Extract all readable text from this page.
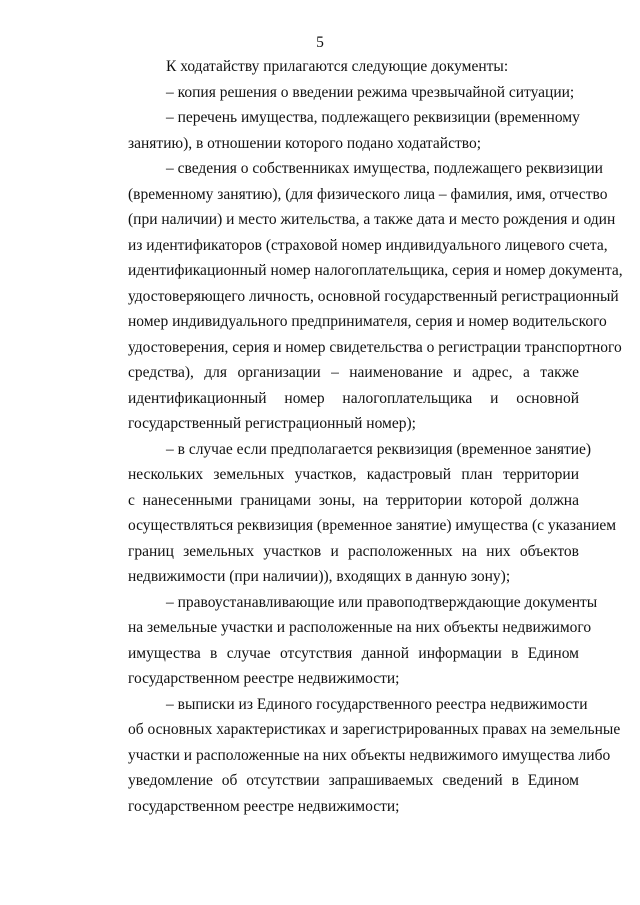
5
К ходатайству прилагаются следующие документы:
– копия решения о введении режима чрезвычайной ситуации;
– перечень имущества, подлежащего реквизиции (временному
занятию), в отношении которого подано ходатайство;
– сведения о собственниках имущества, подлежащего реквизиции
(временному занятию), (для физического лица – фамилия, имя, отчество
(при наличии) и место жительства, а также дата и место рождения и один
из идентификаторов (страховой номер индивидуального лицевого счета,
идентификационный номер налогоплательщика, серия и номер документа,
удостоверяющего личность, основной государственный регистрационный
номер индивидуального предпринимателя, серия и номер водительского
удостоверения, серия и номер свидетельства о регистрации транспортного
средства), для организации – наименование и адрес, а также
идентификационный номер налогоплательщика и основной
государственный регистрационный номер);
– в случае если предполагается реквизиция (временное занятие)
нескольких земельных участков, кадастровый план территории
с нанесенными границами зоны, на территории которой должна
осуществляться реквизиция (временное занятие) имущества (с указанием
границ земельных участков и расположенных на них объектов
недвижимости (при наличии)), входящих в данную зону);
– правоустанавливающие или правоподтверждающие документы
на земельные участки и расположенные на них объекты недвижимого
имущества в случае отсутствия данной информации в Едином
государственном реестре недвижимости;
– выписки из Единого государственного реестра недвижимости
об основных характеристиках и зарегистрированных правах на земельные
участки и расположенные на них объекты недвижимого имущества либо
уведомление об отсутствии запрашиваемых сведений в Едином
государственном реестре недвижимости;
